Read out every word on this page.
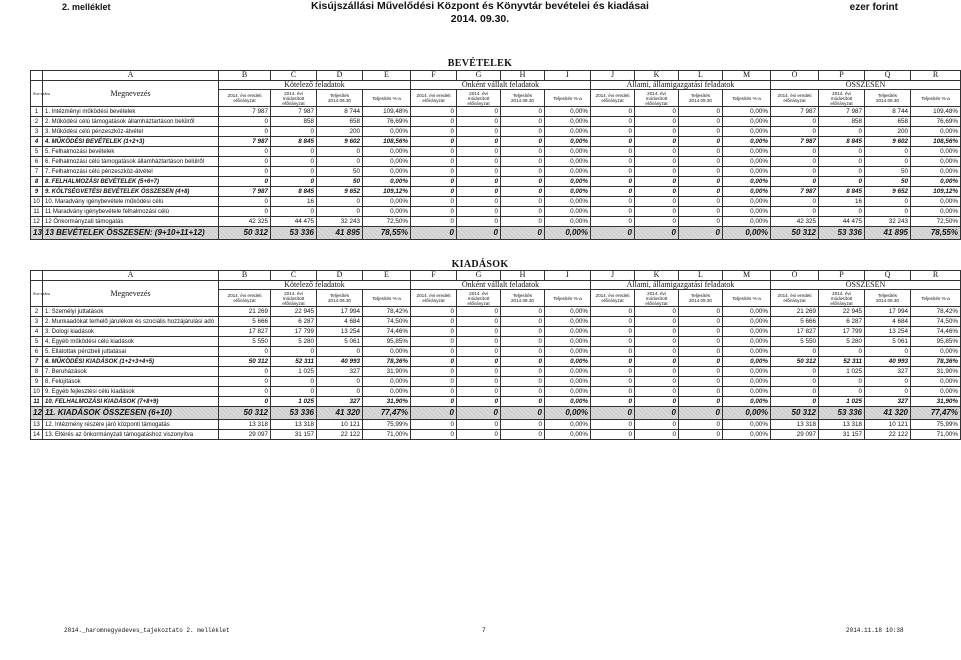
2. melléklet	Kisújszállási Művelődési Központ és Könyvtár bevételei és kiadásai
2014. 09.30.
ezer forint
BEVÉTELEK
	A	B	C	D	E	F	G	H	I	J	K	L	M	O	P	Q	R	
Sor-szám	Megnevezés	Kötelező feladatok				Önként vállalt feladatok				Állami, államigazgatási feladatok				ÖSSZESEN				
		2014. évi eredeti előirányzat	2014. évi módosított előirányzat	Teljesítés 2014.09.30	Teljesítés %-a	2014. évi eredeti előirányzat	2014. évi módosított előirányzat	Teljesítés 2014.09.30	Teljesítés %-a	2014. évi eredeti előirányzat	2014. évi módosított előirányzat	Teljesítés 2014.09.30	Teljesítés %-a	2014. évi eredeti előirányzat	2014. évi módosított előirányzat	Teljesítés 2014.09.30	Teljesítés %-a	
1	1. Intézményi működési bevételek	7 987	7 987	8 744	109,48%	0	0	0	0,00%	0	0	0	0,00%	7 987	7 987	8 744	109,48%	
2	2. Működési célú támogatások államháztartáson belülről	0	858	658	76,69%	0	0	0	0,00%	0	0	0	0,00%	0	858	658	76,69%	
3	3. Működési célú pénzeszköz-átvétel	0	0	200	0,00%	0	0	0	0,00%	0	0	0	0,00%	0	0	200	0,00%	
4	4. MŰKÖDÉSI BEVÉTELEK (1+2+3)	7 987	8 845	9 602	108,56%	0	0	0	0,00%	0	0	0	0,00%	7 987	8 845	9 602	108,56%	
5	5. Felhalmozási bevételek	0	0	0	0,00%	0	0	0	0,00%	0	0	0	0,00%	0	0	0	0,00%	
6	6. Felhalmozási célú támogatások államháztartáson belülről	0	0	0	0,00%	0	0	0	0,00%	0	0	0	0,00%	0	0	0	0,00%	
7	7. Felhalmozási célú pénzeszköz-átvétel	0	0	50	0,00%	0	0	0	0,00%	0	0	0	0,00%	0	0	50	0,00%	
8	8. FELHALMOZÁSI BEVÉTELEK (5+6+7)	0	0	50	0,00%	0	0	0	0,00%	0	0	0	0,00%	0	0	50	0,00%	
9	9. KÖLTSÉGVETÉSI BEVÉTELEK ÖSSZESEN (4+8)	7 987	8 845	9 652	109,12%	0	0	0	0,00%	0	0	0	0,00%	7 987	8 845	9 652	109,12%	
10	10. Maradvány igénybevétele működési célú	0	16	0	0,00%	0	0	0	0,00%	0	0	0	0,00%	0	16	0	0,00%	
11	11 Maradvány igénybevétele felhalmozási célú	0	0	0	0,00%	0	0	0	0,00%	0	0	0	0,00%	0	0	0	0,00%	
12	12 Önkormányzati támogatás	42 325	44 475	32 243	72,50%	0	0	0	0,00%	0	0	0	0,00%	42 325	44 475	32 243	72,50%	
13	13 BEVÉTELEK ÖSSZESEN: (9+10+11+12)	50 312	53 336	41 895	78,55%	0	0	0	0,00%	0	0	0	0,00%	50 312	53 336	41 895	78,55%	
KIADÁSOK
	A	B	C	D	E	F	G	H	I	J	K	L	M	O	P	Q	R	
Sor-szám	Megnevezés	Kötelező feladatok				Önként vállalt feladatok				Állami, államigazgatási feladatok				ÖSSZESEN				
		2014. évi eredeti előirányzat	2014. évi módosított előirányzat	Teljesítés 2014.09.30	Teljesítés %-a	2014. évi eredeti előirányzat	2014. évi módosított előirányzat	Teljesítés 2014.09.30	Teljesítés %-a	2014. évi eredeti előirányzat	2014. évi módosított előirányzat	Teljesítés 2014.09.30	Teljesítés %-a	2014. évi eredeti előirányzat	2014. évi módosított előirányzat	Teljesítés 2014.09.30	Teljesítés %-a	
2	1. Személyi juttatások	21 269	22 945	17 994	78,42%	0	0	0	0,00%	0	0	0	0,00%	21 269	22 945	17 994	78,42%	
3	2. Munkaadókat terhelő járulékok és szociális hozzájárulási adó	5 666	6 287	4 684	74,50%	0	0	0	0,00%	0	0	0	0,00%	5 666	6 287	4 684	74,50%	
4	3. Dologi kiadások	17 827	17 799	13 254	74,46%	0	0	0	0,00%	0	0	0	0,00%	17 827	17 799	13 254	74,46%	
5	4. Egyéb működési célú kiadások	5 550	5 280	5 061	95,85%	0	0	0	0,00%	0	0	0	0,00%	5 550	5 280	5 061	95,85%	
6	5. Ellátottak pénzbeli juttatásai	0	0	0	0,00%	0	0	0	0,00%	0	0	0	0,00%	0	0	0	0,00%	
7	6. MŰKÖDÉSI KIADÁSOK (1+2+3+4+5)	50 312	52 311	40 993	78,36%	0	0	0	0,00%	0	0	0	0,00%	50 312	52 311	40 993	78,36%	
8	7. Beruházások	0	1 025	327	31,90%	0	0	0	0,00%	0	0	0	0,00%	0	1 025	327	31,90%	
9	8. Felújítások	0	0	0	0,00%	0	0	0	0,00%	0	0	0	0,00%	0	0	0	0,00%	
10	9. Egyéb fejlesztési célú kiadások	0	0	0	0,00%	0	0	0	0,00%	0	0	0	0,00%	0	0	0	0,00%	
11	10. FELHALMOZÁSI KIADÁSOK (7+8+9)	0	1 025	327	31,90%	0	0	0	0,00%	0	0	0	0,00%	0	1 025	327	31,90%	
12	11. KIADÁSOK ÖSSZESEN (6+10)	50 312	53 336	41 320	77,47%	0	0	0	0,00%	0	0	0	0,00%	50 312	53 336	41 320	77,47%	
13	12. Intézmény részére járó központi támogatás	13 318	13 318	10 121	75,99%	0	0	0	0,00%	0	0	0	0,00%	13 318	13 318	10 121	75,99%	
14	13. Eltérés az önkormányzati támogatáshoz viszonyítva	29 097	31 157	22 122	71,00%	0	0	0	0,00%	0	0	0	0,00%	29 097	31 157	22 122	71,00%	
2014._haromnegyedeves_tajekoztato 2. melléklet	7	2014.11.18 10:38
